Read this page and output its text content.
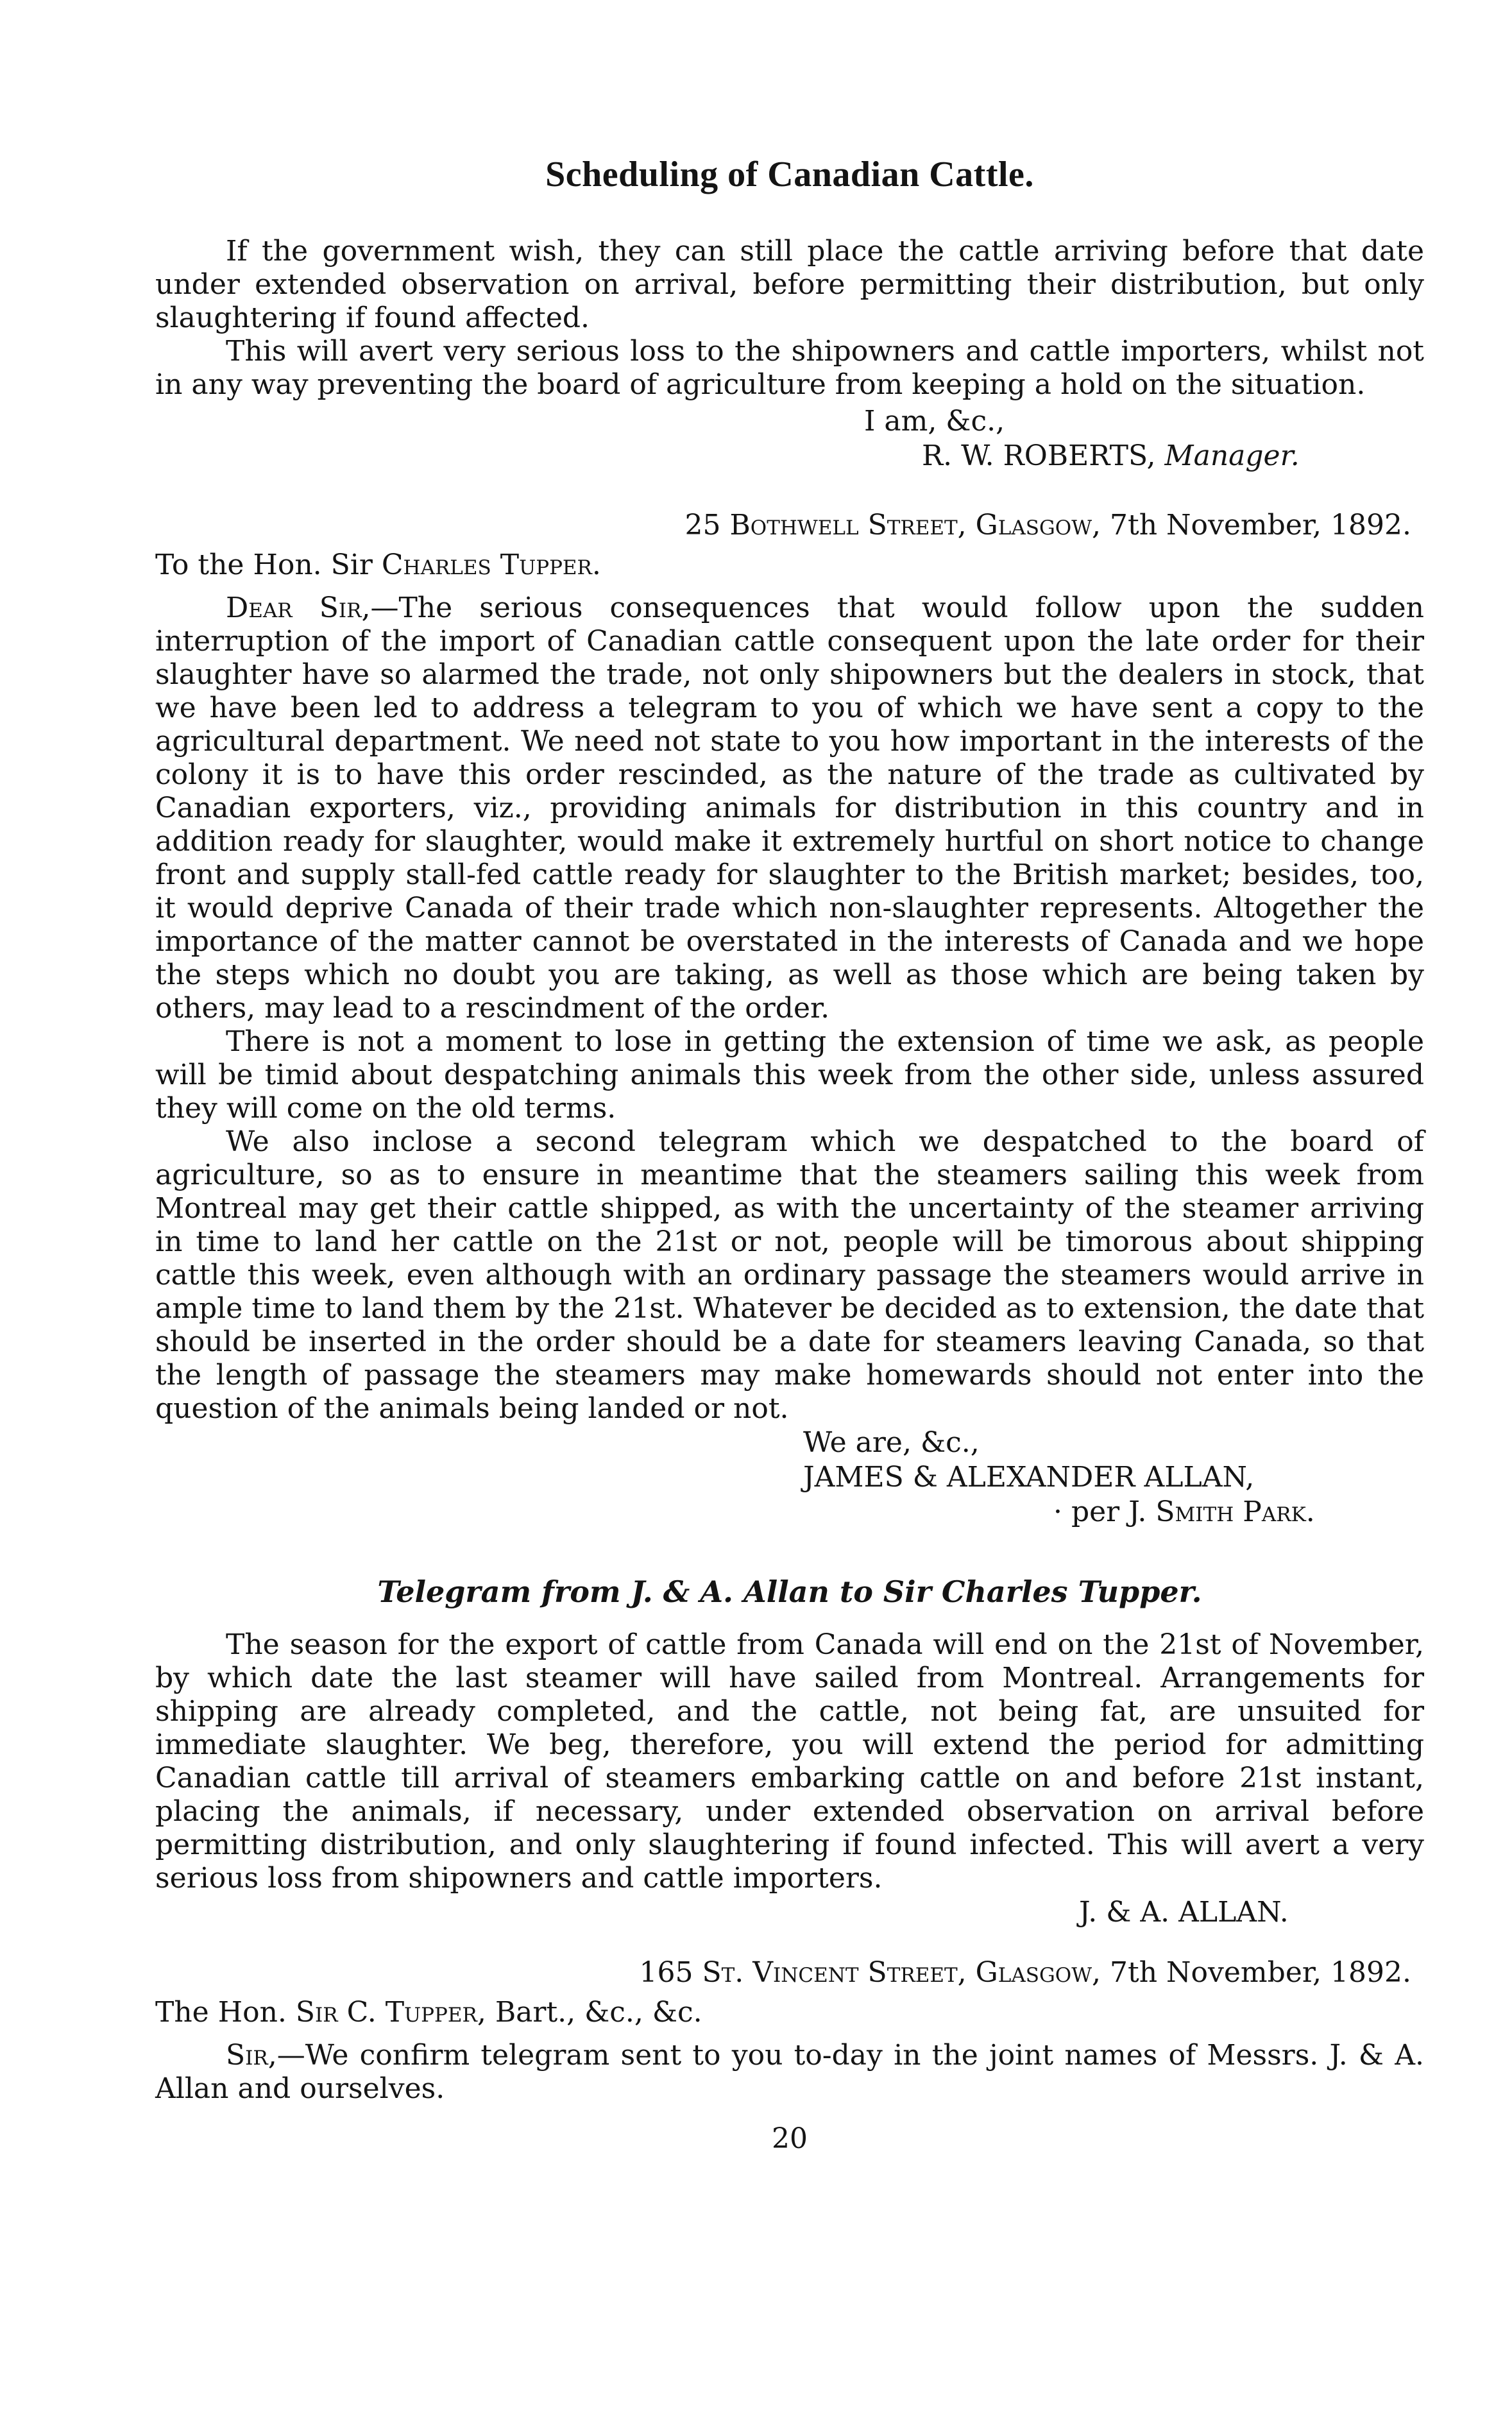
Scheduling of Canadian Cattle.

If the government wish, they can still place the cattle arriving before that date under extended observation on arrival, before permitting their distribution, but only slaughtering if found affected.

This will avert very serious loss to the shipowners and cattle importers, whilst not in any way preventing the board of agriculture from keeping a hold on the situation.

I am, &c.,

R. W. ROBERTS, Manager.

25 Bothwell Street, Glasgow, 7th November, 1892.

To the Hon. Sir Charles Tupper.

Dear Sir,—The serious consequences that would follow upon the sudden interruption of the import of Canadian cattle consequent upon the late order for their slaughter have so alarmed the trade, not only shipowners but the dealers in stock, that we have been led to address a telegram to you of which we have sent a copy to the agricultural department. We need not state to you how important in the interests of the colony it is to have this order rescinded, as the nature of the trade as cultivated by Canadian exporters, viz., providing animals for distribution in this country and in addition ready for slaughter, would make it extremely hurtful on short notice to change front and supply stall-fed cattle ready for slaughter to the British market; besides, too, it would deprive Canada of their trade which non-slaughter represents. Altogether the importance of the matter cannot be overstated in the interests of Canada and we hope the steps which no doubt you are taking, as well as those which are being taken by others, may lead to a rescindment of the order.

There is not a moment to lose in getting the extension of time we ask, as people will be timid about despatching animals this week from the other side, unless assured they will come on the old terms.

We also inclose a second telegram which we despatched to the board of agriculture, so as to ensure in meantime that the steamers sailing this week from Montreal may get their cattle shipped, as with the uncertainty of the steamer arriving in time to land her cattle on the 21st or not, people will be timorous about shipping cattle this week, even although with an ordinary passage the steamers would arrive in ample time to land them by the 21st. Whatever be decided as to extension, the date that should be inserted in the order should be a date for steamers leaving Canada, so that the length of passage the steamers may make homewards should not enter into the question of the animals being landed or not.

We are, &c.,

JAMES & ALEXANDER ALLAN,

· per J. Smith Park.

Telegram from J. & A. Allan to Sir Charles Tupper.

The season for the export of cattle from Canada will end on the 21st of November, by which date the last steamer will have sailed from Montreal. Arrangements for shipping are already completed, and the cattle, not being fat, are unsuited for immediate slaughter. We beg, therefore, you will extend the period for admitting Canadian cattle till arrival of steamers embarking cattle on and before 21st instant, placing the animals, if necessary, under extended observation on arrival before permitting distribution, and only slaughtering if found infected. This will avert a very serious loss from shipowners and cattle importers.

J. & A. ALLAN.

165 St. Vincent Street, Glasgow, 7th November, 1892.

The Hon. Sir C. Tupper, Bart., &c., &c.

Sir,—We confirm telegram sent to you to-day in the joint names of Messrs. J. & A. Allan and ourselves.

20
